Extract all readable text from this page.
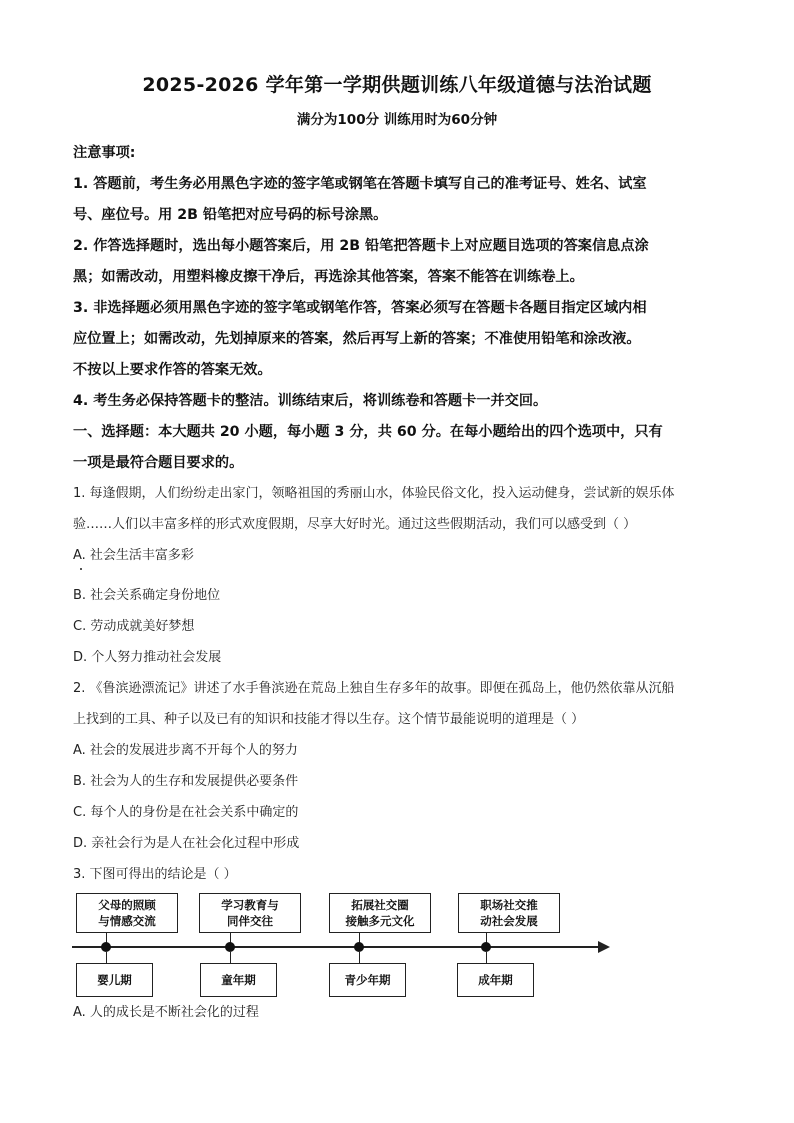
2025-2026 学年第一学期供题训练八年级道德与法治试题
满分为100分 训练用时为60分钟

注意事项:

1. 答题前，考生务必用黑色字迹的签字笔或钢笔在答题卡填写自己的准考证号、姓名、试室

号、座位号。用 2B 铅笔把对应号码的标号涂黑。

2. 作答选择题时，选出每小题答案后，用 2B 铅笔把答题卡上对应题目选项的答案信息点涂

黑；如需改动，用塑料橡皮擦干净后，再选涂其他答案，答案不能答在训练卷上。

3. 非选择题必须用黑色字迹的签字笔或钢笔作答，答案必须写在答题卡各题目指定区域内相

应位置上；如需改动，先划掉原来的答案，然后再写上新的答案；不准使用铅笔和涂改液。

不按以上要求作答的答案无效。

4. 考生务必保持答题卡的整洁。训练结束后，将训练卷和答题卡一并交回。

一、选择题：本大题共 20 小题，每小题 3 分，共 60 分。在每小题给出的四个选项中，只有

一项是最符合题目要求的。

1. 每逢假期，人们纷纷走出家门，领略祖国的秀丽山水，体验民俗文化，投入运动健身，尝试新的娱乐体

验……人们以丰富多样的形式欢度假期，尽享大好时光。通过这些假期活动，我们可以感受到（ ）

A. 社会生活丰富多彩

B. 社会关系确定身份地位

C. 劳动成就美好梦想

D. 个人努力推动社会发展

2. 《鲁滨逊漂流记》讲述了水手鲁滨逊在荒岛上独自生存多年的故事。即便在孤岛上，他仍然依靠从沉船

上找到的工具、种子以及已有的知识和技能才得以生存。这个情节最能说明的道理是（ ）

A. 社会的发展进步离不开每个人的努力

B. 社会为人的生存和发展提供必要条件

C. 每个人的身份是在社会关系中确定的

D. 亲社会行为是人在社会化过程中形成

3. 下图可得出的结论是（ ）

父母的照顾
与情感交流
学习教育与
同伴交往
拓展社交圈
接触多元文化
职场社交推
动社会发展
婴儿期	童年期	青少年期	成年期

A. 人的成长是不断社会化的过程
